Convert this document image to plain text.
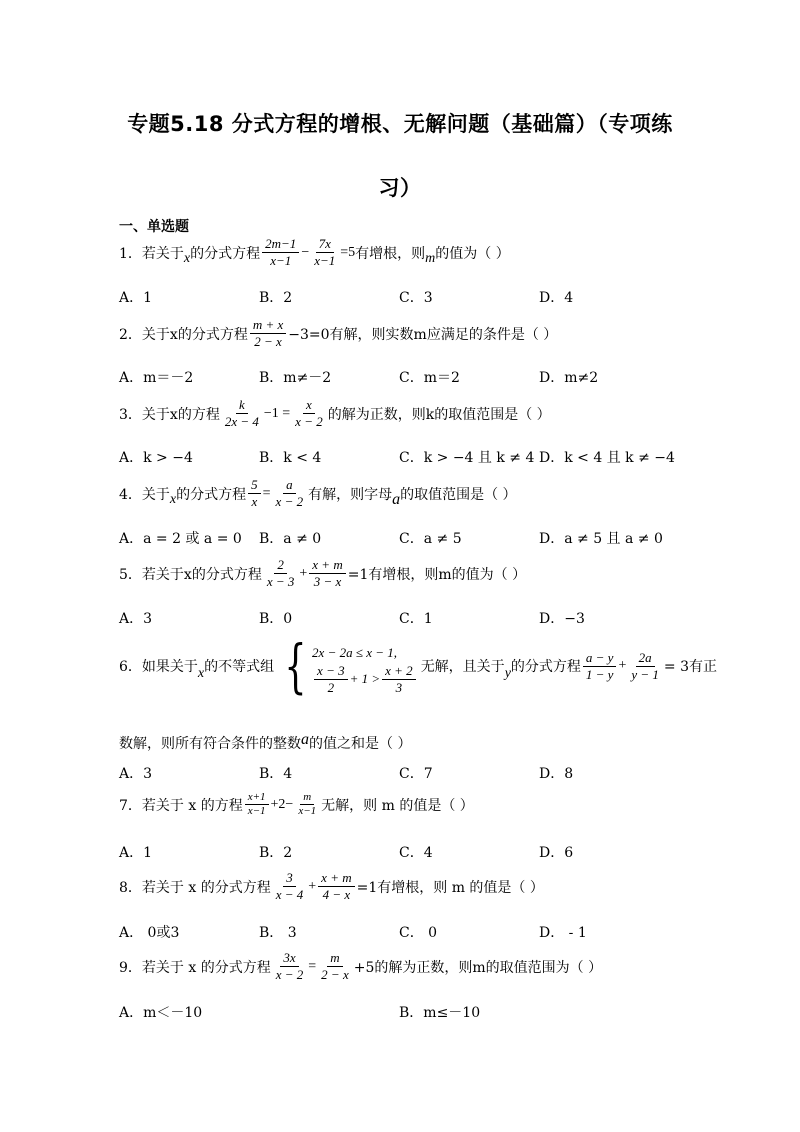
专题5.18 分式方程的增根、无解问题（基础篇）（专项练
习）
一、单选题
1． 若关于 x 的分式方程 $\frac{2m-1}{x-1} - \frac{7x}{x-1} =5$ 有增根，则 m 的值为（ ）
A．1	B．2	C．3	D．4
2． 关于x的分式方程 $\frac{m + x}{2 - x} -3=0$有解，则实数m应满足的条件是（ ）
A．m＝－2	B．m≠－2	C．m＝2	D．m≠2
3． 关于x的方程 $\frac{k}{2x - 4} -1 = \frac{x}{x - 2}$ 的解为正数，则k的取值范围是（ ）
A．k > −4	B．k < 4	C．k > −4 且 k ≠ 4 D．k < 4 且 k ≠ −4
4． 关于 x 的分式方程 $\frac{5}{x} = \frac{a}{x - 2}$ 有解，则字母 a 的取值范围是（ ）
A．a = 2 或 a = 0 B．a ≠ 0	C．a ≠ 5	D．a ≠ 5 且 a ≠ 0
5． 若关于x的分式方程 $\frac{2}{x - 3} + \frac{x + m}{3 - x} =1$有增根，则m的值为（ ）
A．3	B．0	C．1	D．−3
6． 如果关于 x 的不等式组 { 2x − 2a ≤ x − 1,
$\frac{x - 3}{2} + 1 > \frac{x + 2}{3}$ 无解，且关于 y 的分式方程 $\frac{a - y}{1 - y} + \frac{2a}{y - 1} = 3$有正
数解，则所有符合条件的整数a的值之和是（ ）
A．3	B．4	C．7	D．8
7． 若关于 x 的方程 $\frac{x+1}{x-1} +2- \frac{m}{x-1}$ 无解，则 m 的值是（ ）
A．1	B．2	C．4	D．6
8． 若关于 x 的分式方程 $\frac{3}{x - 4} + \frac{x + m}{4 - x} =1$有增根，则 m 的值是（ ）
A． 0或3	B． 3	C． 0	D． - 1
9． 若关于 x 的分式方程 $\frac{3x}{x - 2} = \frac{m}{2 - x} +5$的解为正数，则m的取值范围为（ ）
A．m＜－10	B．m≤－10
